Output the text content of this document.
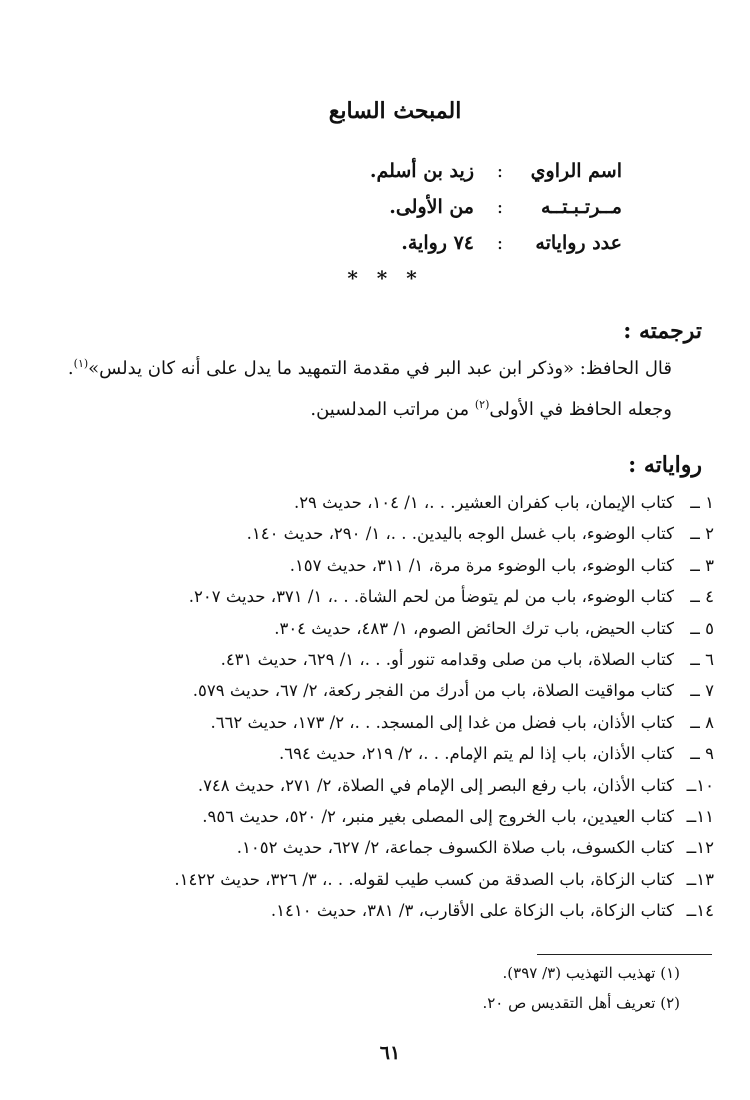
المبحث السابع
اسم الراوي
:
زيد بن أسلم.
مــرتـبـتــه
:
من الأولى.
عدد رواياته
:
٧٤ رواية.
* * *
ترجمته :
قال الحافظ: «وذكر ابن عبد البر في مقدمة التمهيد ما يدل على أنه كان يدلس»$^{(١)}$.
وجعله الحافظ في الأولى$^{(٢)}$ من مراتب المدلسين.
رواياته :
١ ــكتاب الإيمان، باب كفران العشير. . .، ١/ ١٠٤، حديث ٢٩.
٢ ــكتاب الوضوء، باب غسل الوجه باليدين. . .، ١/ ٢٩٠، حديث ١٤٠.
٣ ــكتاب الوضوء، باب الوضوء مرة مرة، ١/ ٣١١، حديث ١٥٧.
٤ ــكتاب الوضوء، باب من لم يتوضأ من لحم الشاة. . .، ١/ ٣٧١، حديث ٢٠٧.
٥ ــكتاب الحيض، باب ترك الحائض الصوم، ١/ ٤٨٣، حديث ٣٠٤.
٦ ــكتاب الصلاة، باب من صلى وقدامه تنور أو. . .، ١/ ٦٢٩، حديث ٤٣١.
٧ ــكتاب مواقيت الصلاة، باب من أدرك من الفجر ركعة، ٢/ ٦٧، حديث ٥٧٩.
٨ ــكتاب الأذان، باب فضل من غدا إلى المسجد. . .، ٢/ ١٧٣، حديث ٦٦٢.
٩ ــكتاب الأذان، باب إذا لم يتم الإمام. . .، ٢/ ٢١٩، حديث ٦٩٤.
١٠ــكتاب الأذان، باب رفع البصر إلى الإمام في الصلاة، ٢/ ٢٧١، حديث ٧٤٨.
١١ــكتاب العيدين، باب الخروج إلى المصلى بغير منبر، ٢/ ٥٢٠، حديث ٩٥٦.
١٢ــكتاب الكسوف، باب صلاة الكسوف جماعة، ٢/ ٦٢٧، حديث ١٠٥٢.
١٣ــكتاب الزكاة، باب الصدقة من كسب طيب لقوله. . .، ٣/ ٣٢٦، حديث ١٤٢٢.
١٤ــكتاب الزكاة، باب الزكاة على الأقارب، ٣/ ٣٨١، حديث ١٤١٠.
(١) تهذيب التهذيب (٣/ ٣٩٧).
(٢) تعريف أهل التقديس ص ٢٠.
٦١
